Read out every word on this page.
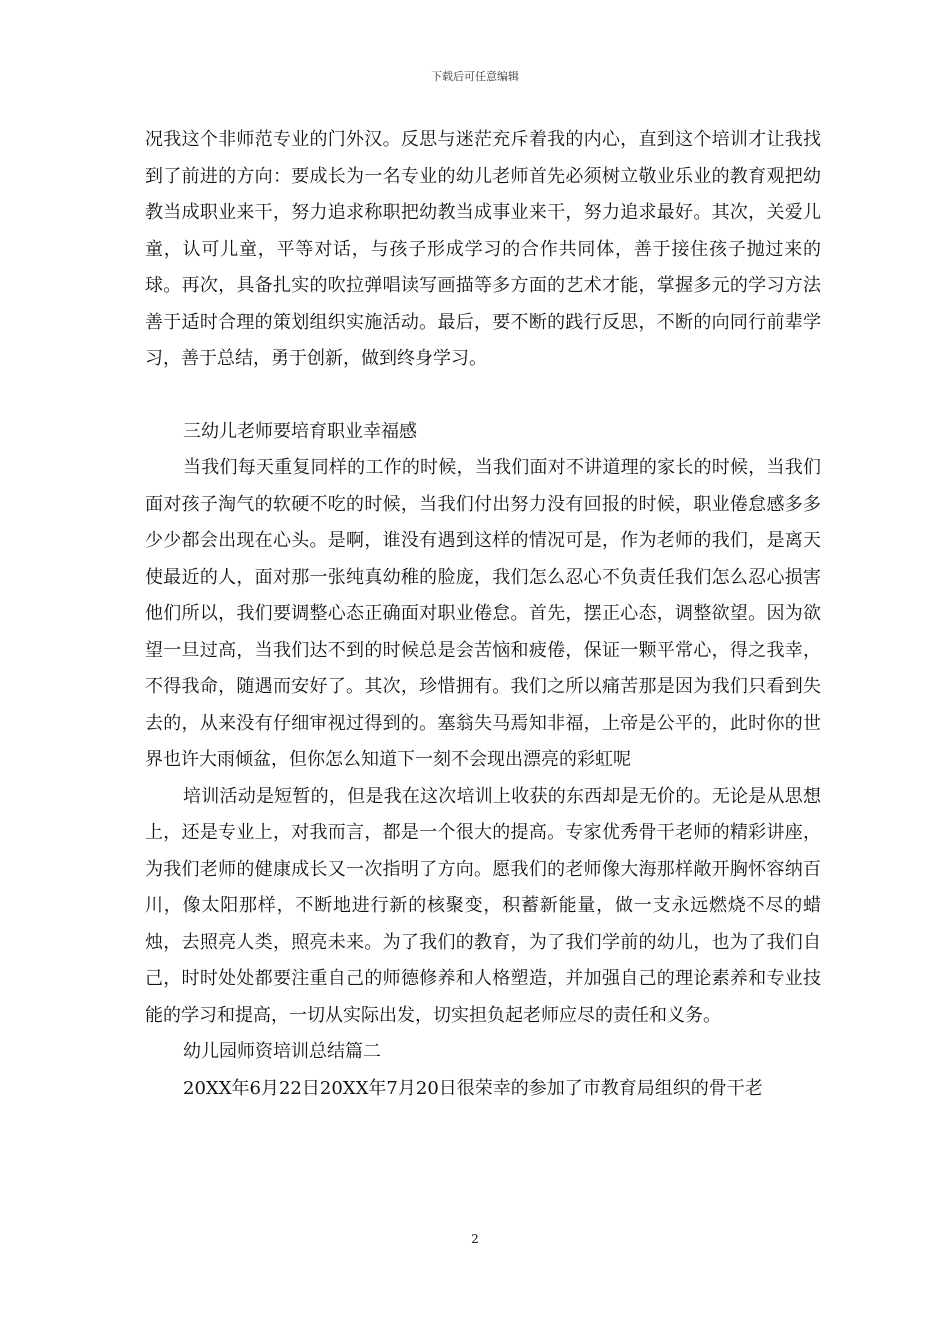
下载后可任意编辑

况我这个非师范专业的门外汉。反思与迷茫充斥着我的内心，直到这个培训才让我找到了前进的方向：要成长为一名专业的幼儿老师首先必须树立敬业乐业的教育观把幼教当成职业来干，努力追求称职把幼教当成事业来干，努力追求最好。其次，关爱儿童，认可儿童，平等对话，与孩子形成学习的合作共同体，善于接住孩子抛过来的球。再次，具备扎实的吹拉弹唱读写画描等多方面的艺术才能，掌握多元的学习方法善于适时合理的策划组织实施活动。最后，要不断的践行反思，不断的向同行前辈学习，善于总结，勇于创新，做到终身学习。

三幼儿老师要培育职业幸福感

当我们每天重复同样的工作的时候，当我们面对不讲道理的家长的时候，当我们面对孩子淘气的软硬不吃的时候，当我们付出努力没有回报的时候，职业倦怠感多多少少都会出现在心头。是啊，谁没有遇到这样的情况可是，作为老师的我们，是离天使最近的人，面对那一张纯真幼稚的脸庞，我们怎么忍心不负责任我们怎么忍心损害他们所以，我们要调整心态正确面对职业倦怠。首先，摆正心态，调整欲望。因为欲望一旦过高，当我们达不到的时候总是会苦恼和疲倦，保证一颗平常心，得之我幸，不得我命，随遇而安好了。其次，珍惜拥有。我们之所以痛苦那是因为我们只看到失去的，从来没有仔细审视过得到的。塞翁失马焉知非福，上帝是公平的，此时你的世界也许大雨倾盆，但你怎么知道下一刻不会现出漂亮的彩虹呢

培训活动是短暂的，但是我在这次培训上收获的东西却是无价的。无论是从思想上，还是专业上，对我而言，都是一个很大的提高。专家优秀骨干老师的精彩讲座，为我们老师的健康成长又一次指明了方向。愿我们的老师像大海那样敞开胸怀容纳百川，像太阳那样，不断地进行新的核聚变，积蓄新能量，做一支永远燃烧不尽的蜡烛，去照亮人类，照亮未来。为了我们的教育，为了我们学前的幼儿，也为了我们自己，时时处处都要注重自己的师德修养和人格塑造，并加强自己的理论素养和专业技能的学习和提高，一切从实际出发，切实担负起老师应尽的责任和义务。

幼儿园师资培训总结篇二

20XX年6月22日20XX年7月20日很荣幸的参加了市教育局组织的骨干老

2
